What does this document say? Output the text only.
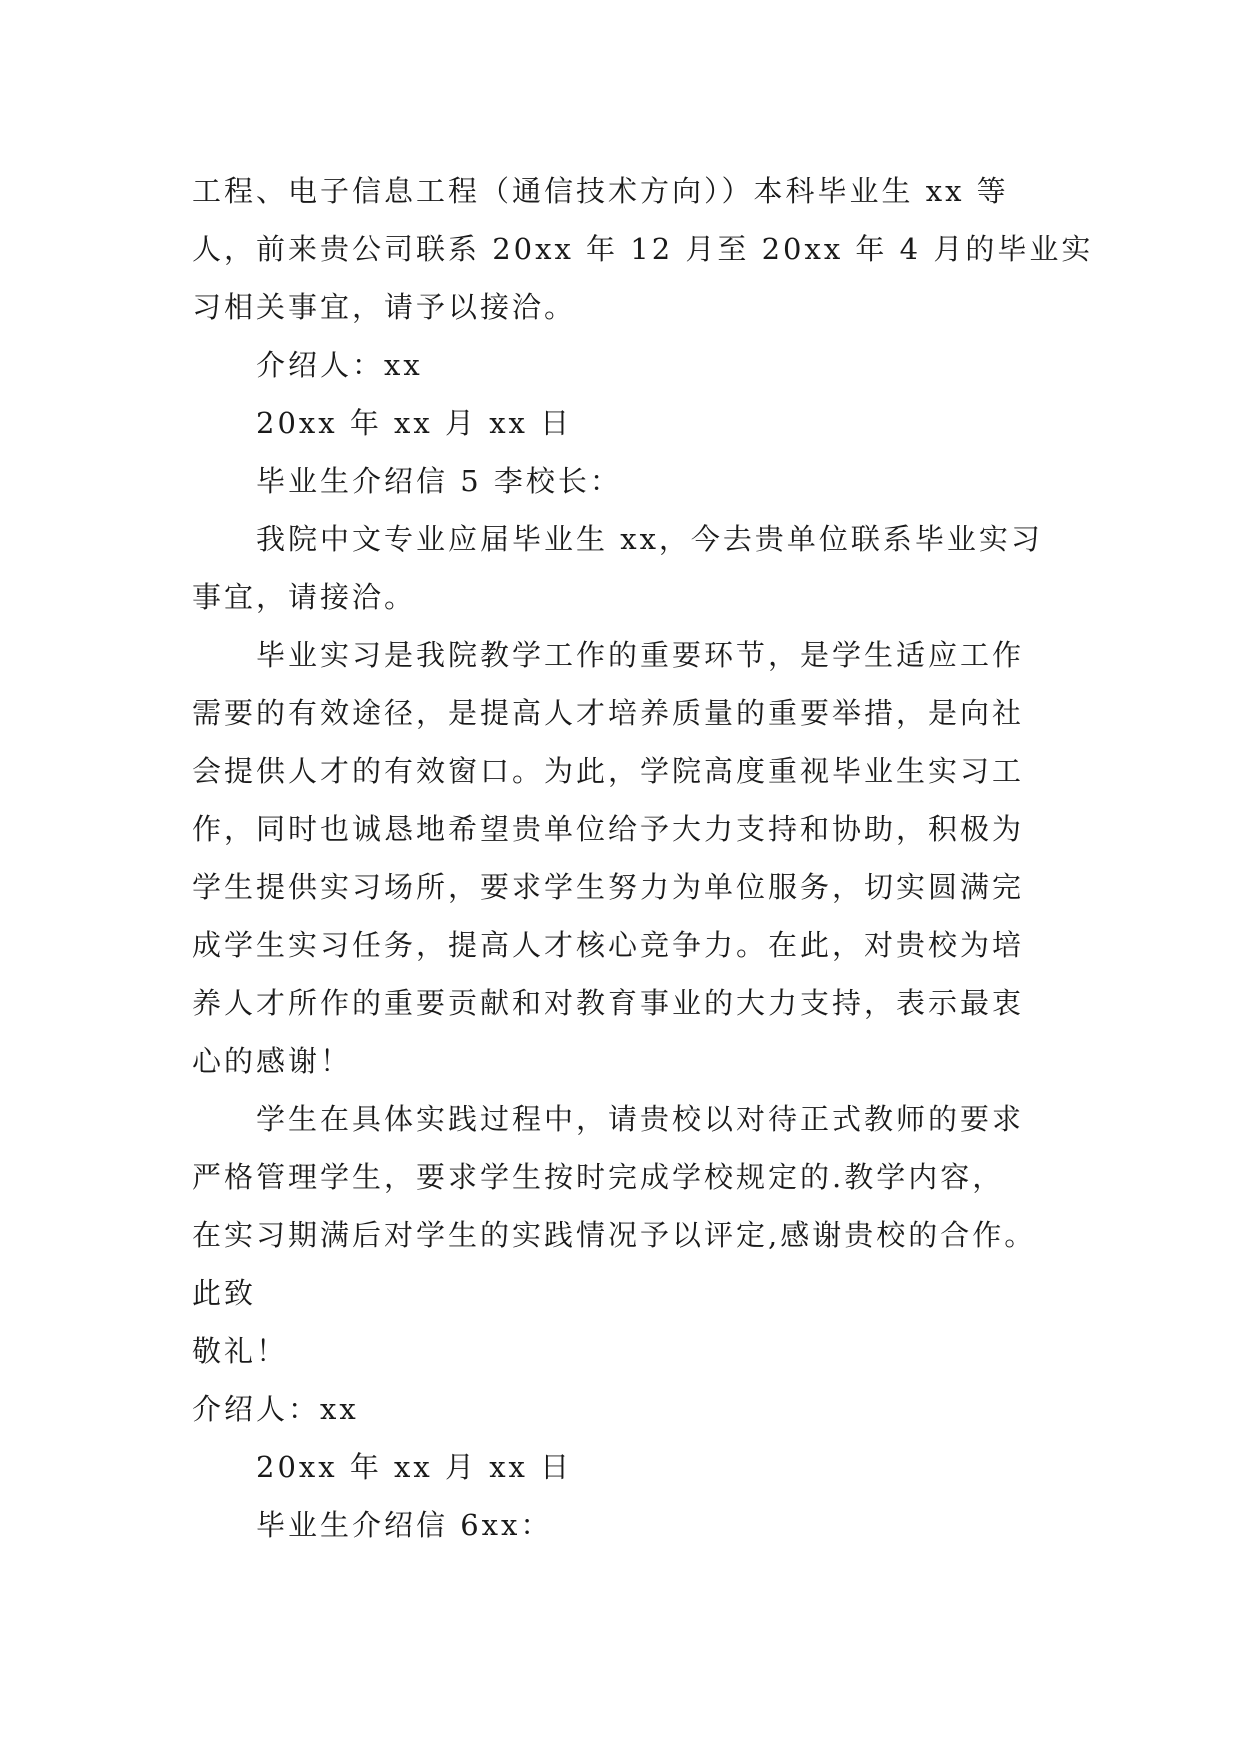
工程、电子信息工程（通信技术方向））本科毕业生 xx 等
人，前来贵公司联系 20xx 年 12 月至 20xx 年 4 月的毕业实
习相关事宜，请予以接洽。
介绍人：xx
20xx 年 xx 月 xx 日
毕业生介绍信 5 李校长：
我院中文专业应届毕业生 xx，今去贵单位联系毕业实习
事宜，请接洽。
毕业实习是我院教学工作的重要环节，是学生适应工作
需要的有效途径，是提高人才培养质量的重要举措，是向社
会提供人才的有效窗口。为此，学院高度重视毕业生实习工
作，同时也诚恳地希望贵单位给予大力支持和协助，积极为
学生提供实习场所，要求学生努力为单位服务，切实圆满完
成学生实习任务，提高人才核心竞争力。在此，对贵校为培
养人才所作的重要贡献和对教育事业的大力支持，表示最衷
心的感谢！
学生在具体实践过程中，请贵校以对待正式教师的要求
严格管理学生，要求学生按时完成学校规定的.教学内容，
在实习期满后对学生的实践情况予以评定,感谢贵校的合作。
此致
敬礼！
介绍人：xx
20xx 年 xx 月 xx 日
毕业生介绍信 6xx：
